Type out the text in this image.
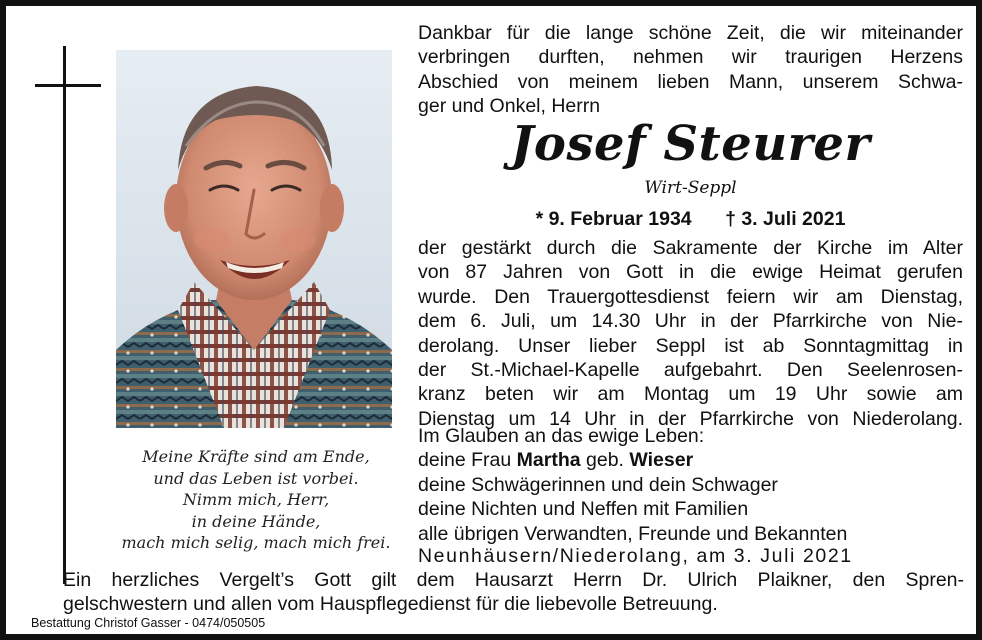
Meine Kräfte sind am Ende,
und das Leben ist vorbei.
Nimm mich, Herr,
in deine Hände,
mach mich selig, mach mich frei.
Dankbar für die lange schöne Zeit, die wir miteinander
verbringen durften, nehmen wir traurigen Herzens
Abschied von meinem lieben Mann, unserem Schwa-
ger und Onkel, Herrn
Josef Steurer
Wirt-Seppl
* 9. Februar 1934 † 3. Juli 2021
der gestärkt durch die Sakramente der Kirche im Alter
von 87 Jahren von Gott in die ewige Heimat gerufen
wurde. Den Trauergottesdienst feiern wir am Dienstag,
dem 6. Juli, um 14.30 Uhr in der Pfarrkirche von Nie-
derolang. Unser lieber Seppl ist ab Sonntagmittag in
der St.-Michael-Kapelle aufgebahrt. Den Seelenrosen-
kranz beten wir am Montag um 19 Uhr sowie am
Dienstag um 14 Uhr in der Pfarrkirche von Niederolang.
Im Glauben an das ewige Leben:
deine Frau Martha geb. Wieser
deine Schwägerinnen und dein Schwager
deine Nichten und Neffen mit Familien
alle übrigen Verwandten, Freunde und Bekannten
Neunhäusern/Niederolang, am 3. Juli 2021
Ein herzliches Vergelt’s Gott gilt dem Hausarzt Herrn Dr. Ulrich Plaikner, den Spren-
gelschwestern und allen vom Hauspflegedienst für die liebevolle Betreuung.
Bestattung Christof Gasser - 0474/050505
